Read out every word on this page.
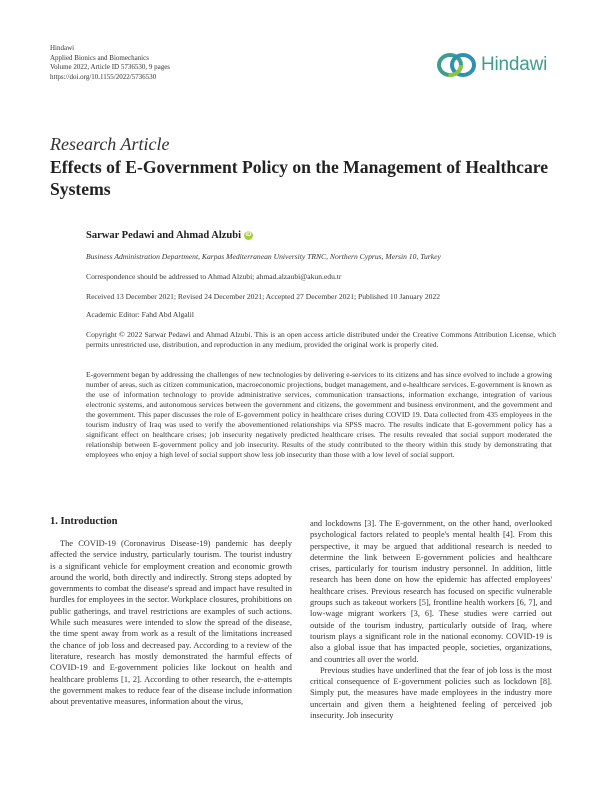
Hindawi
Applied Bionics and Biomechanics
Volume 2022, Article ID 5736530, 9 pages
https://doi.org/10.1155/2022/5736530
Hindawi
Research Article
Effects of E-Government Policy on the Management of Healthcare Systems
Sarwar Pedawi and Ahmad Alzubi iD
Business Administration Department, Karpas Mediterranean University TRNC, Northern Cyprus, Mersin 10, Turkey
Correspondence should be addressed to Ahmad Alzubi; ahmad.alzaubi@akun.edu.tr
Received 13 December 2021; Revised 24 December 2021; Accepted 27 December 2021; Published 10 January 2022
Academic Editor: Fahd Abd Algalil
Copyright © 2022 Sarwar Pedawi and Ahmad Alzubi. This is an open access article distributed under the Creative Commons Attribution License, which permits unrestricted use, distribution, and reproduction in any medium, provided the original work is properly cited.
E-government began by addressing the challenges of new technologies by delivering e-services to its citizens and has since evolved to include a growing number of areas, such as citizen communication, macroeconomic projections, budget management, and e-healthcare services. E-government is known as the use of information technology to provide administrative services, communication transactions, information exchange, integration of various electronic systems, and autonomous services between the government and citizens, the government and business environment, and the government and the government. This paper discusses the role of E-government policy in healthcare crises during COVID 19. Data collected from 435 employees in the tourism industry of Iraq was used to verify the abovementioned relationships via SPSS macro. The results indicate that E-government policy has a significant effect on healthcare crises; job insecurity negatively predicted healthcare crises. The results revealed that social support moderated the relationship between E-government policy and job insecurity. Results of the study contributed to the theory within this study by demonstrating that employees who enjoy a high level of social support show less job insecurity than those with a low level of social support.
1. Introduction
The COVID-19 (Coronavirus Disease-19) pandemic has deeply affected the service industry, particularly tourism. The tourist industry is a significant vehicle for employment creation and economic growth around the world, both directly and indirectly. Strong steps adopted by governments to combat the disease's spread and impact have resulted in hurdles for employees in the sector. Workplace closures, prohibitions on public gatherings, and travel restrictions are examples of such actions. While such measures were intended to slow the spread of the disease, the time spent away from work as a result of the limitations increased the chance of job loss and decreased pay. According to a review of the literature, research has mostly demonstrated the harmful effects of COVID-19 and E-government policies like lockout on health and healthcare problems [1, 2]. According to other research, the e-attempts the government makes to reduce fear of the disease include information about preventative measures, information about the virus,

and lockdowns [3]. The E-government, on the other hand, overlooked psychological factors related to people's mental health [4]. From this perspective, it may be argued that additional research is needed to determine the link between E-government policies and healthcare crises, particularly for tourism industry personnel. In addition, little research has been done on how the epidemic has affected employees' healthcare crises. Previous research has focused on specific vulnerable groups such as takeout workers [5], frontline health workers [6, 7], and low-wage migrant workers [3, 6]. These studies were carried out outside of the tourism industry, particularly outside of Iraq, where tourism plays a significant role in the national economy. COVID-19 is also a global issue that has impacted people, societies, organizations, and countries all over the world.

Previous studies have underlined that the fear of job loss is the most critical consequence of E-government policies such as lockdown [8]. Simply put, the measures have made employees in the industry more uncertain and given them a heightened feeling of perceived job insecurity. Job insecurity
